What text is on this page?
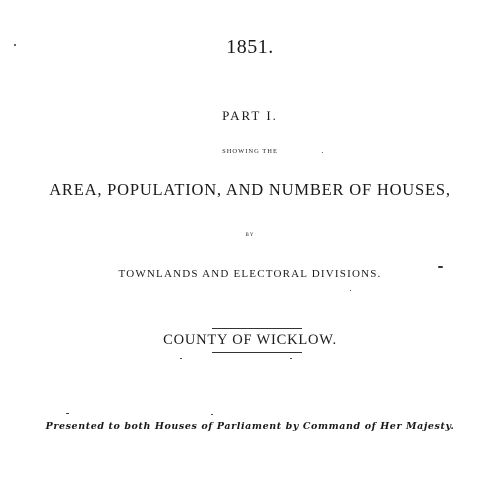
1851.
PART I.
SHOWING THE
AREA, POPULATION, AND NUMBER OF HOUSES,
BY
TOWNLANDS AND ELECTORAL DIVISIONS.
COUNTY OF WICKLOW.
Presented to both Houses of Parliament by Command of Her Majesty.
